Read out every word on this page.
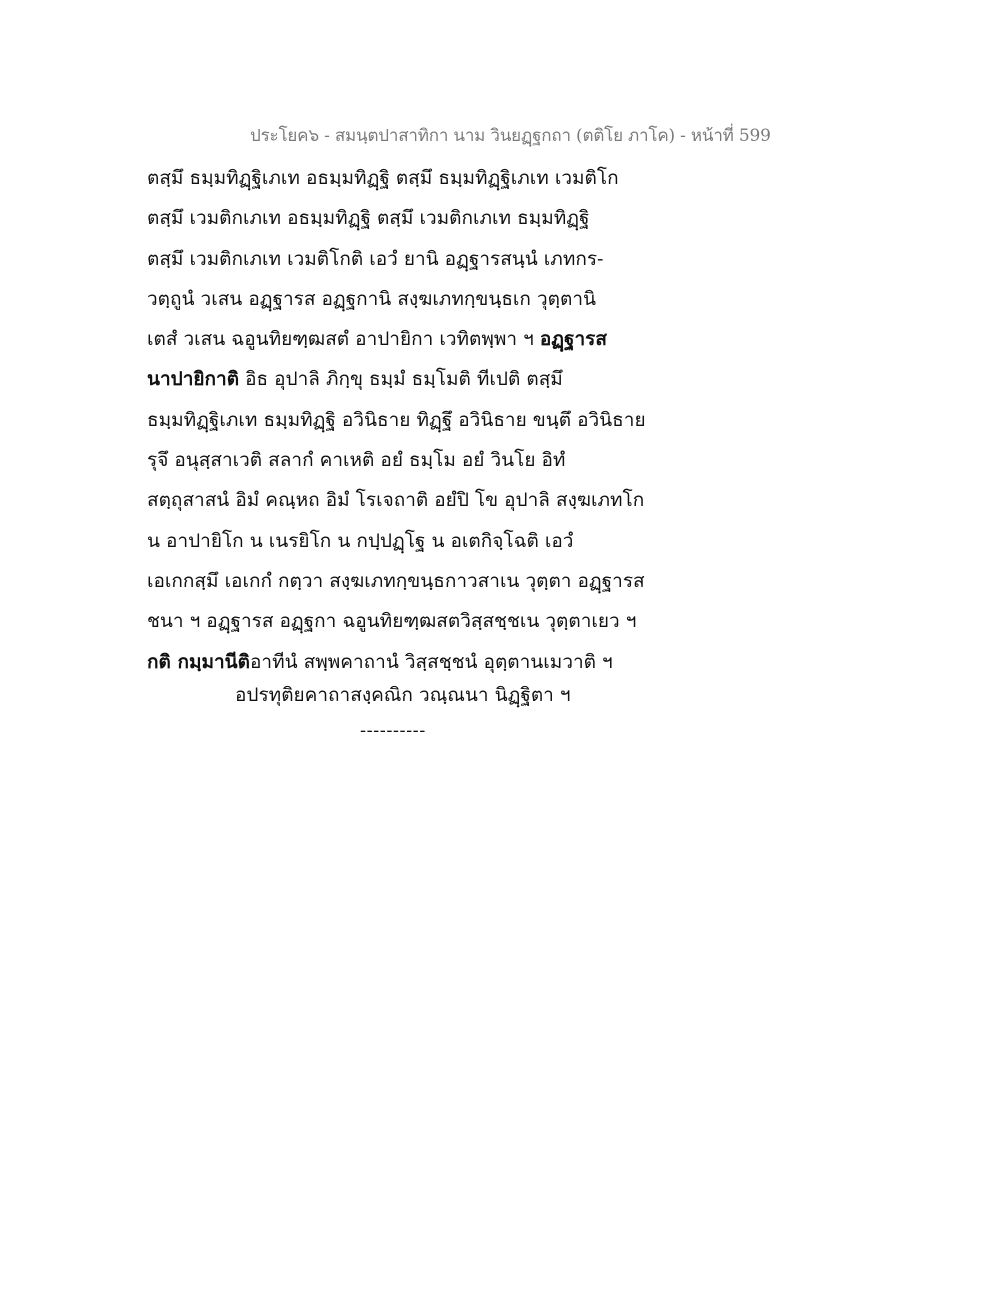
ประโยค๖ - สมนฺตปาสาทิกา นาม วินยฏฺฐกถา (ตติโย ภาโค) - หน้าที่ 599
ตสฺมึ ธมฺมทิฏฺฐิเภเท อธมฺมทิฏฺฐิ ตสฺมึ ธมฺมทิฏฺฐิเภเท เวมติโก
ตสฺมึ เวมติกเภเท อธมฺมทิฏฺฐิ ตสฺมึ เวมติกเภเท ธมฺมทิฏฺฐิ
ตสฺมึ เวมติกเภเท เวมติโกติ เอวํ ยานิ อฏฺฐารสนฺนํ เภทกร-
วตฺถูนํ วเสน อฏฺฐารส อฏฺฐกานิ สงฺฆเภทกฺขนฺธเก วุตฺตานิ
เตสํ วเสน ฉอูนทิยฑฺฒสตํ อาปายิกา เวทิตพฺพา ฯ อฏฺฐารส
นาปายิกาติ อิธ อุปาลิ ภิกฺขุ ธมฺมํ ธมฺโมติ ทีเปติ ตสฺมึ
ธมฺมทิฏฺฐิเภเท ธมฺมทิฏฺฐิ อวินิธาย ทิฏฺฐึ อวินิธาย ขนฺตึ อวินิธาย
รุจึ อนุสฺสาเวติ สลากํ คาเหติ อยํ ธมฺโม อยํ วินโย อิทํ
สตฺถุสาสนํ อิมํ คณฺหถ อิมํ โรเจถาติ อยํปิ โข อุปาลิ สงฺฆเภทโก
น อาปายิโก น เนรยิโก น กปฺปฏฺโฐ น อเตกิจฺโฉติ เอวํ
เอเกกสฺมึ เอเกกํ กตฺวา สงฺฆเภทกฺขนฺธกาวสาเน วุตฺตา อฏฺฐารส
ชนา ฯ อฏฺฐารส อฏฺฐกา ฉอูนทิยฑฺฒสตวิสฺสชฺชเน วุตฺตาเยว ฯ
กติ กมฺมานีติอาทีนํ สพฺพคาถานํ วิสฺสชฺชนํ อุตฺตานเมวาติ ฯ
อปรทุติยคาถาสงฺคณิก วณฺณนา นิฏฺฐิตา ฯ
----------
